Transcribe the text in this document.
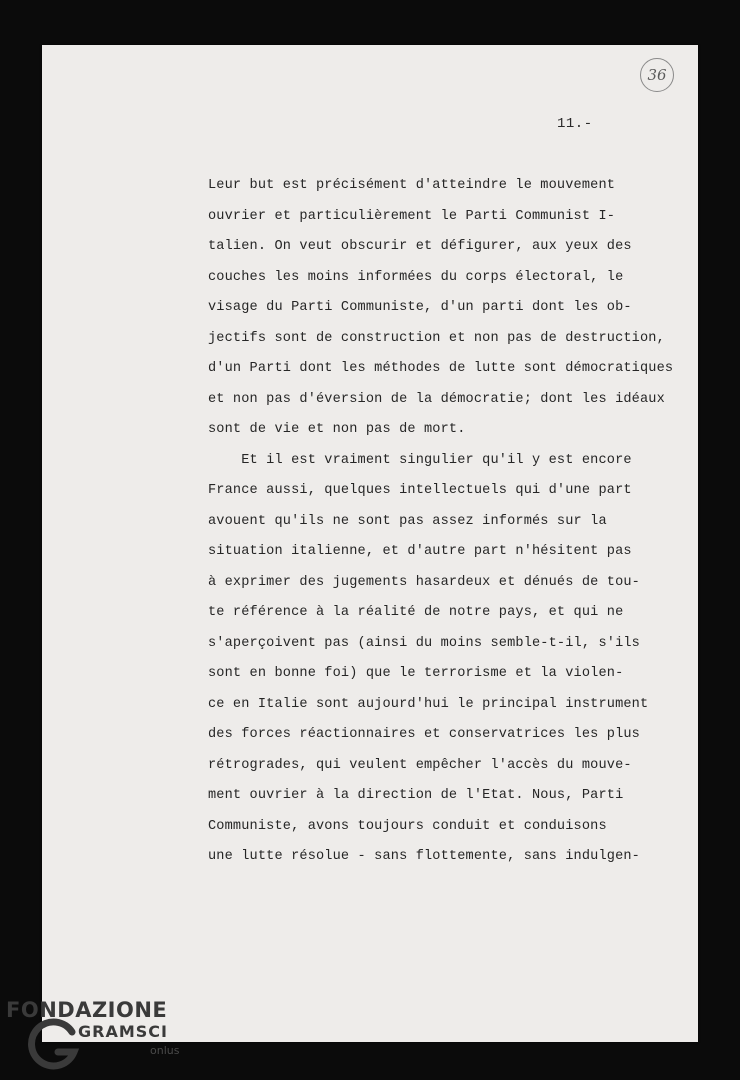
36
11.-

Leur but est précisément d'atteindre le mouvement

ouvrier et particulièrement le Parti Communist I-

talien. On veut obscurir et défigurer, aux yeux des

couches les moins informées du corps électoral, le

visage du Parti Communiste, d'un parti dont les ob-

jectifs sont de construction et non pas de destruction,

d'un Parti dont les méthodes de lutte sont démocratiques

et non pas d'éversion de la démocratie; dont les idéaux

sont de vie et non pas de mort.

Et il est vraiment singulier qu'il y est encore

France aussi, quelques intellectuels qui d'une part

avouent qu'ils ne sont pas assez informés sur la

situation italienne, et d'autre part n'hésitent pas

à exprimer des jugements hasardeux et dénués de tou-

te référence à la réalité de notre pays, et qui ne

s'aperçoivent pas (ainsi du moins semble-t-il, s'ils

sont en bonne foi) que le terrorisme et la violen-

ce en Italie sont aujourd'hui le principal instrument

des forces réactionnaires et conservatrices les plus

rétrogrades, qui veulent empêcher l'accès du mouve-

ment ouvrier à la direction de l'Etat. Nous, Parti

Communiste, avons toujours conduit et conduisons

une lutte résolue - sans flottemente, sans indulgen-

FONDAZIONE
GRAMSCI
onlus
